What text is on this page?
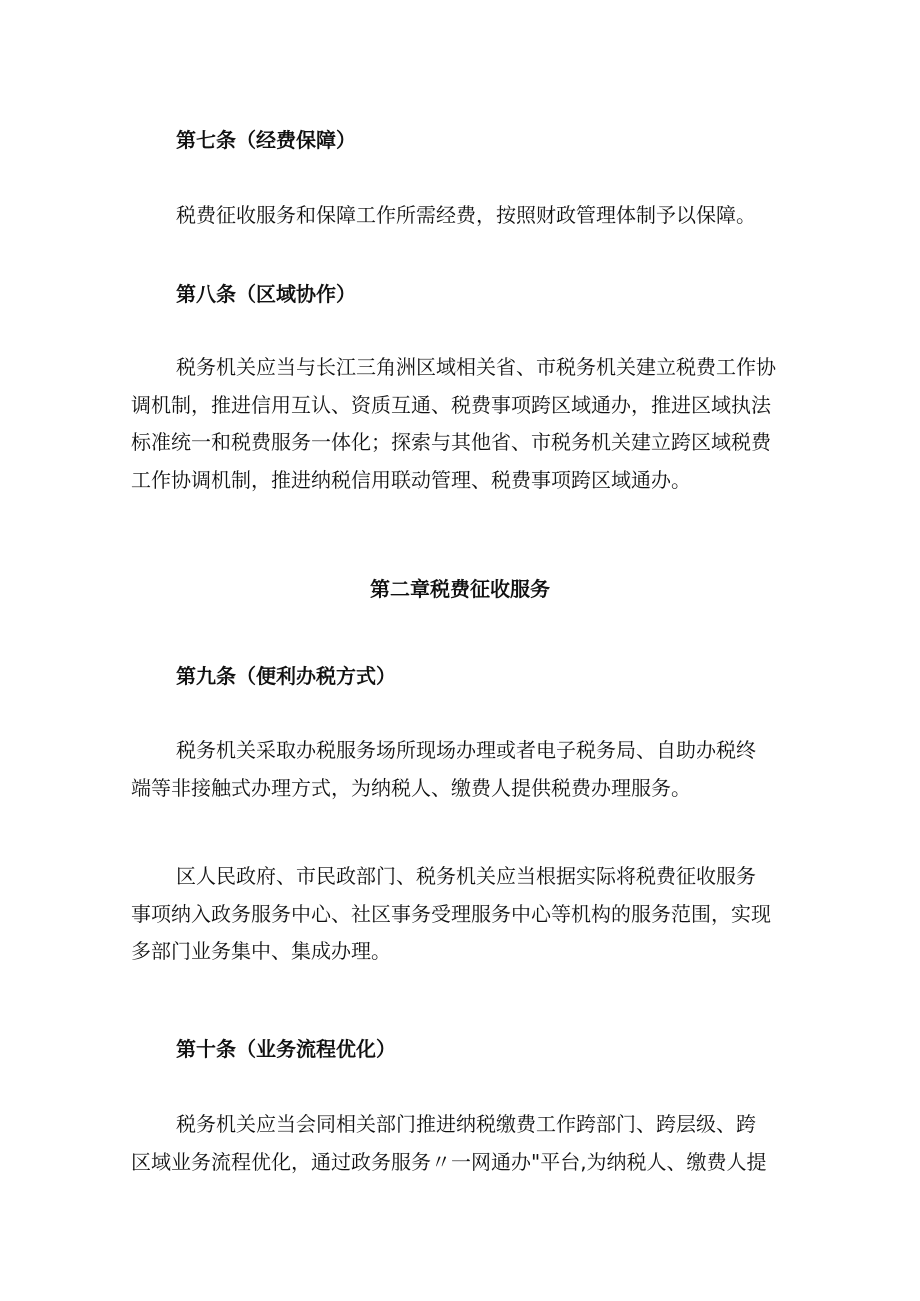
第七条（经费保障）
税费征收服务和保障工作所需经费，按照财政管理体制予以保障。
第八条（区域协作）
税务机关应当与长江三角洲区域相关省、市税务机关建立税费工作协
调机制，推进信用互认、资质互通、税费事项跨区域通办，推进区域执法
标准统一和税费服务一体化；探索与其他省、市税务机关建立跨区域税费
工作协调机制，推进纳税信用联动管理、税费事项跨区域通办。
第二章税费征收服务
第九条（便利办税方式）
税务机关采取办税服务场所现场办理或者电子税务局、自助办税终
端等非接触式办理方式，为纳税人、缴费人提供税费办理服务。
区人民政府、市民政部门、税务机关应当根据实际将税费征收服务
事项纳入政务服务中心、社区事务受理服务中心等机构的服务范围，实现
多部门业务集中、集成办理。
第十条（业务流程优化）
税务机关应当会同相关部门推进纳税缴费工作跨部门、跨层级、跨
区域业务流程优化，通过政务服务〃一网通办"平台,为纳税人、缴费人提
